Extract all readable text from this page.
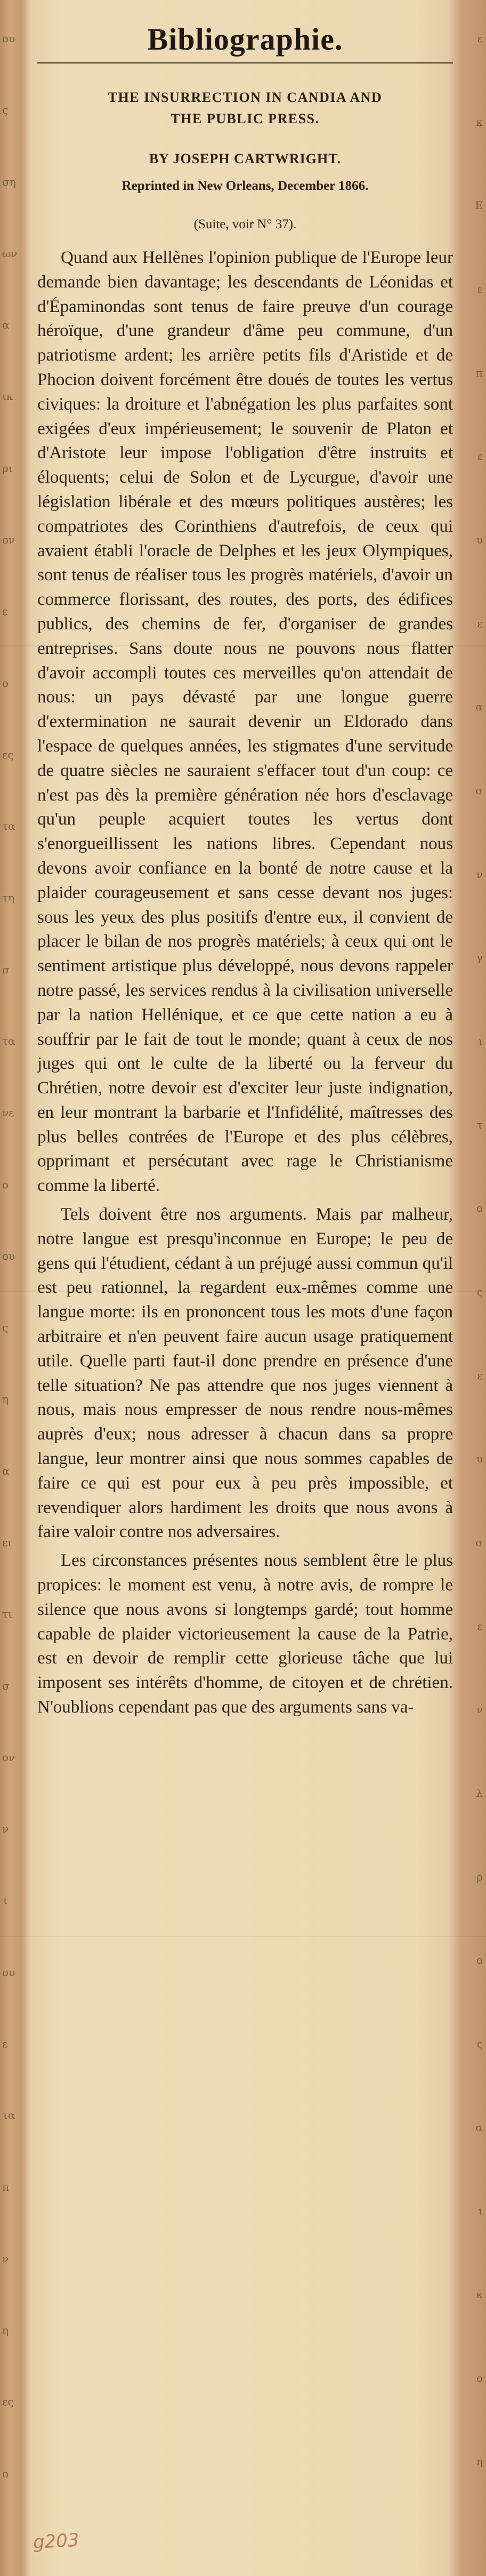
ου
ς
ση
ων
α
ικ
ρι
ον
ε
ο
ες
τα
τη
σ
τα
νε
ο
ου
ς
η
α
ει
τι
σ
ον
ν
τ
ου
ε
τα
π
ν
η
ες
ο
ε
κ
Ε
ε
π
ε
υ
ε
α
σ
ν
γ
ι
τ
ο
ς
ε
υ
σ
ε
ν
λ
ρ
ο
ς
α
ι
κ
ο
η
Bibliographie.
THE INSURRECTION IN CANDIA AND
THE PUBLIC PRESS.
BY JOSEPH CARTWRIGHT.
Reprinted in New Orleans, December 1866.
(Suite, voir N° 37).

Quand aux Hellènes l'opinion publique de l'Europe leur demande bien davantage; les descendants de Léonidas et d'Épaminondas sont tenus de faire preuve d'un courage héroïque, d'une grandeur d'âme peu commune, d'un patriotisme ardent; les arrière petits fils d'Aristide et de Phocion doivent forcément être doués de toutes les vertus civiques: la droiture et l'abnégation les plus parfaites sont exigées d'eux impérieusement; le souvenir de Platon et d'Aristote leur impose l'obligation d'être instruits et éloquents; celui de Solon et de Lycurgue, d'avoir une législation libérale et des mœurs politiques austères; les compatriotes des Corinthiens d'autrefois, de ceux qui avaient établi l'oracle de Delphes et les jeux Olympiques, sont tenus de réaliser tous les progrès matériels, d'avoir un commerce florissant, des routes, des ports, des édifices publics, des chemins de fer, d'organiser de grandes entreprises. Sans doute nous ne pouvons nous flatter d'avoir accompli toutes ces merveilles qu'on attendait de nous: un pays dévasté par une longue guerre d'extermination ne saurait devenir un Eldorado dans l'espace de quelques années, les stigmates d'une servitude de quatre siècles ne sauraient s'effacer tout d'un coup: ce n'est pas dès la première génération née hors d'esclavage qu'un peuple acquiert toutes les vertus dont s'enorgueillissent les nations libres. Cependant nous devons avoir confiance en la bonté de notre cause et la plaider courageusement et sans cesse devant nos juges: sous les yeux des plus positifs d'entre eux, il convient de placer le bilan de nos progrès matériels; à ceux qui ont le sentiment artistique plus développé, nous devons rappeler notre passé, les services rendus à la civilisation universelle par la nation Hellénique, et ce que cette nation a eu à souffrir par le fait de tout le monde; quant à ceux de nos juges qui ont le culte de la liberté ou la ferveur du Chrétien, notre devoir est d'exciter leur juste indignation, en leur montrant la barbarie et l'Infidélité, maîtresses des plus belles contrées de l'Europe et des plus célèbres, opprimant et persécutant avec rage le Christianisme comme la liberté.

Tels doivent être nos arguments. Mais par malheur, notre langue est presqu'inconnue en Europe; le peu de gens qui l'étudient, cédant à un préjugé aussi commun qu'il est peu rationnel, la regardent eux-mêmes comme une langue morte: ils en prononcent tous les mots d'une façon arbitraire et n'en peuvent faire aucun usage pratiquement utile. Quelle parti faut-il donc prendre en présence d'une telle situation? Ne pas attendre que nos juges viennent à nous, mais nous empresser de nous rendre nous-mêmes auprès d'eux; nous adresser à chacun dans sa propre langue, leur montrer ainsi que nous sommes capables de faire ce qui est pour eux à peu près impossible, et revendiquer alors hardiment les droits que nous avons à faire valoir contre nos adversaires.

Les circonstances présentes nous semblent être le plus propices: le moment est venu, à notre avis, de rompre le silence que nous avons si longtemps gardé; tout homme capable de plaider victorieusement la cause de la Patrie, est en devoir de remplir cette glorieuse tâche que lui imposent ses intérêts d'homme, de citoyen et de chrétien. N'oublions cependant pas que des arguments sans va-

g203
